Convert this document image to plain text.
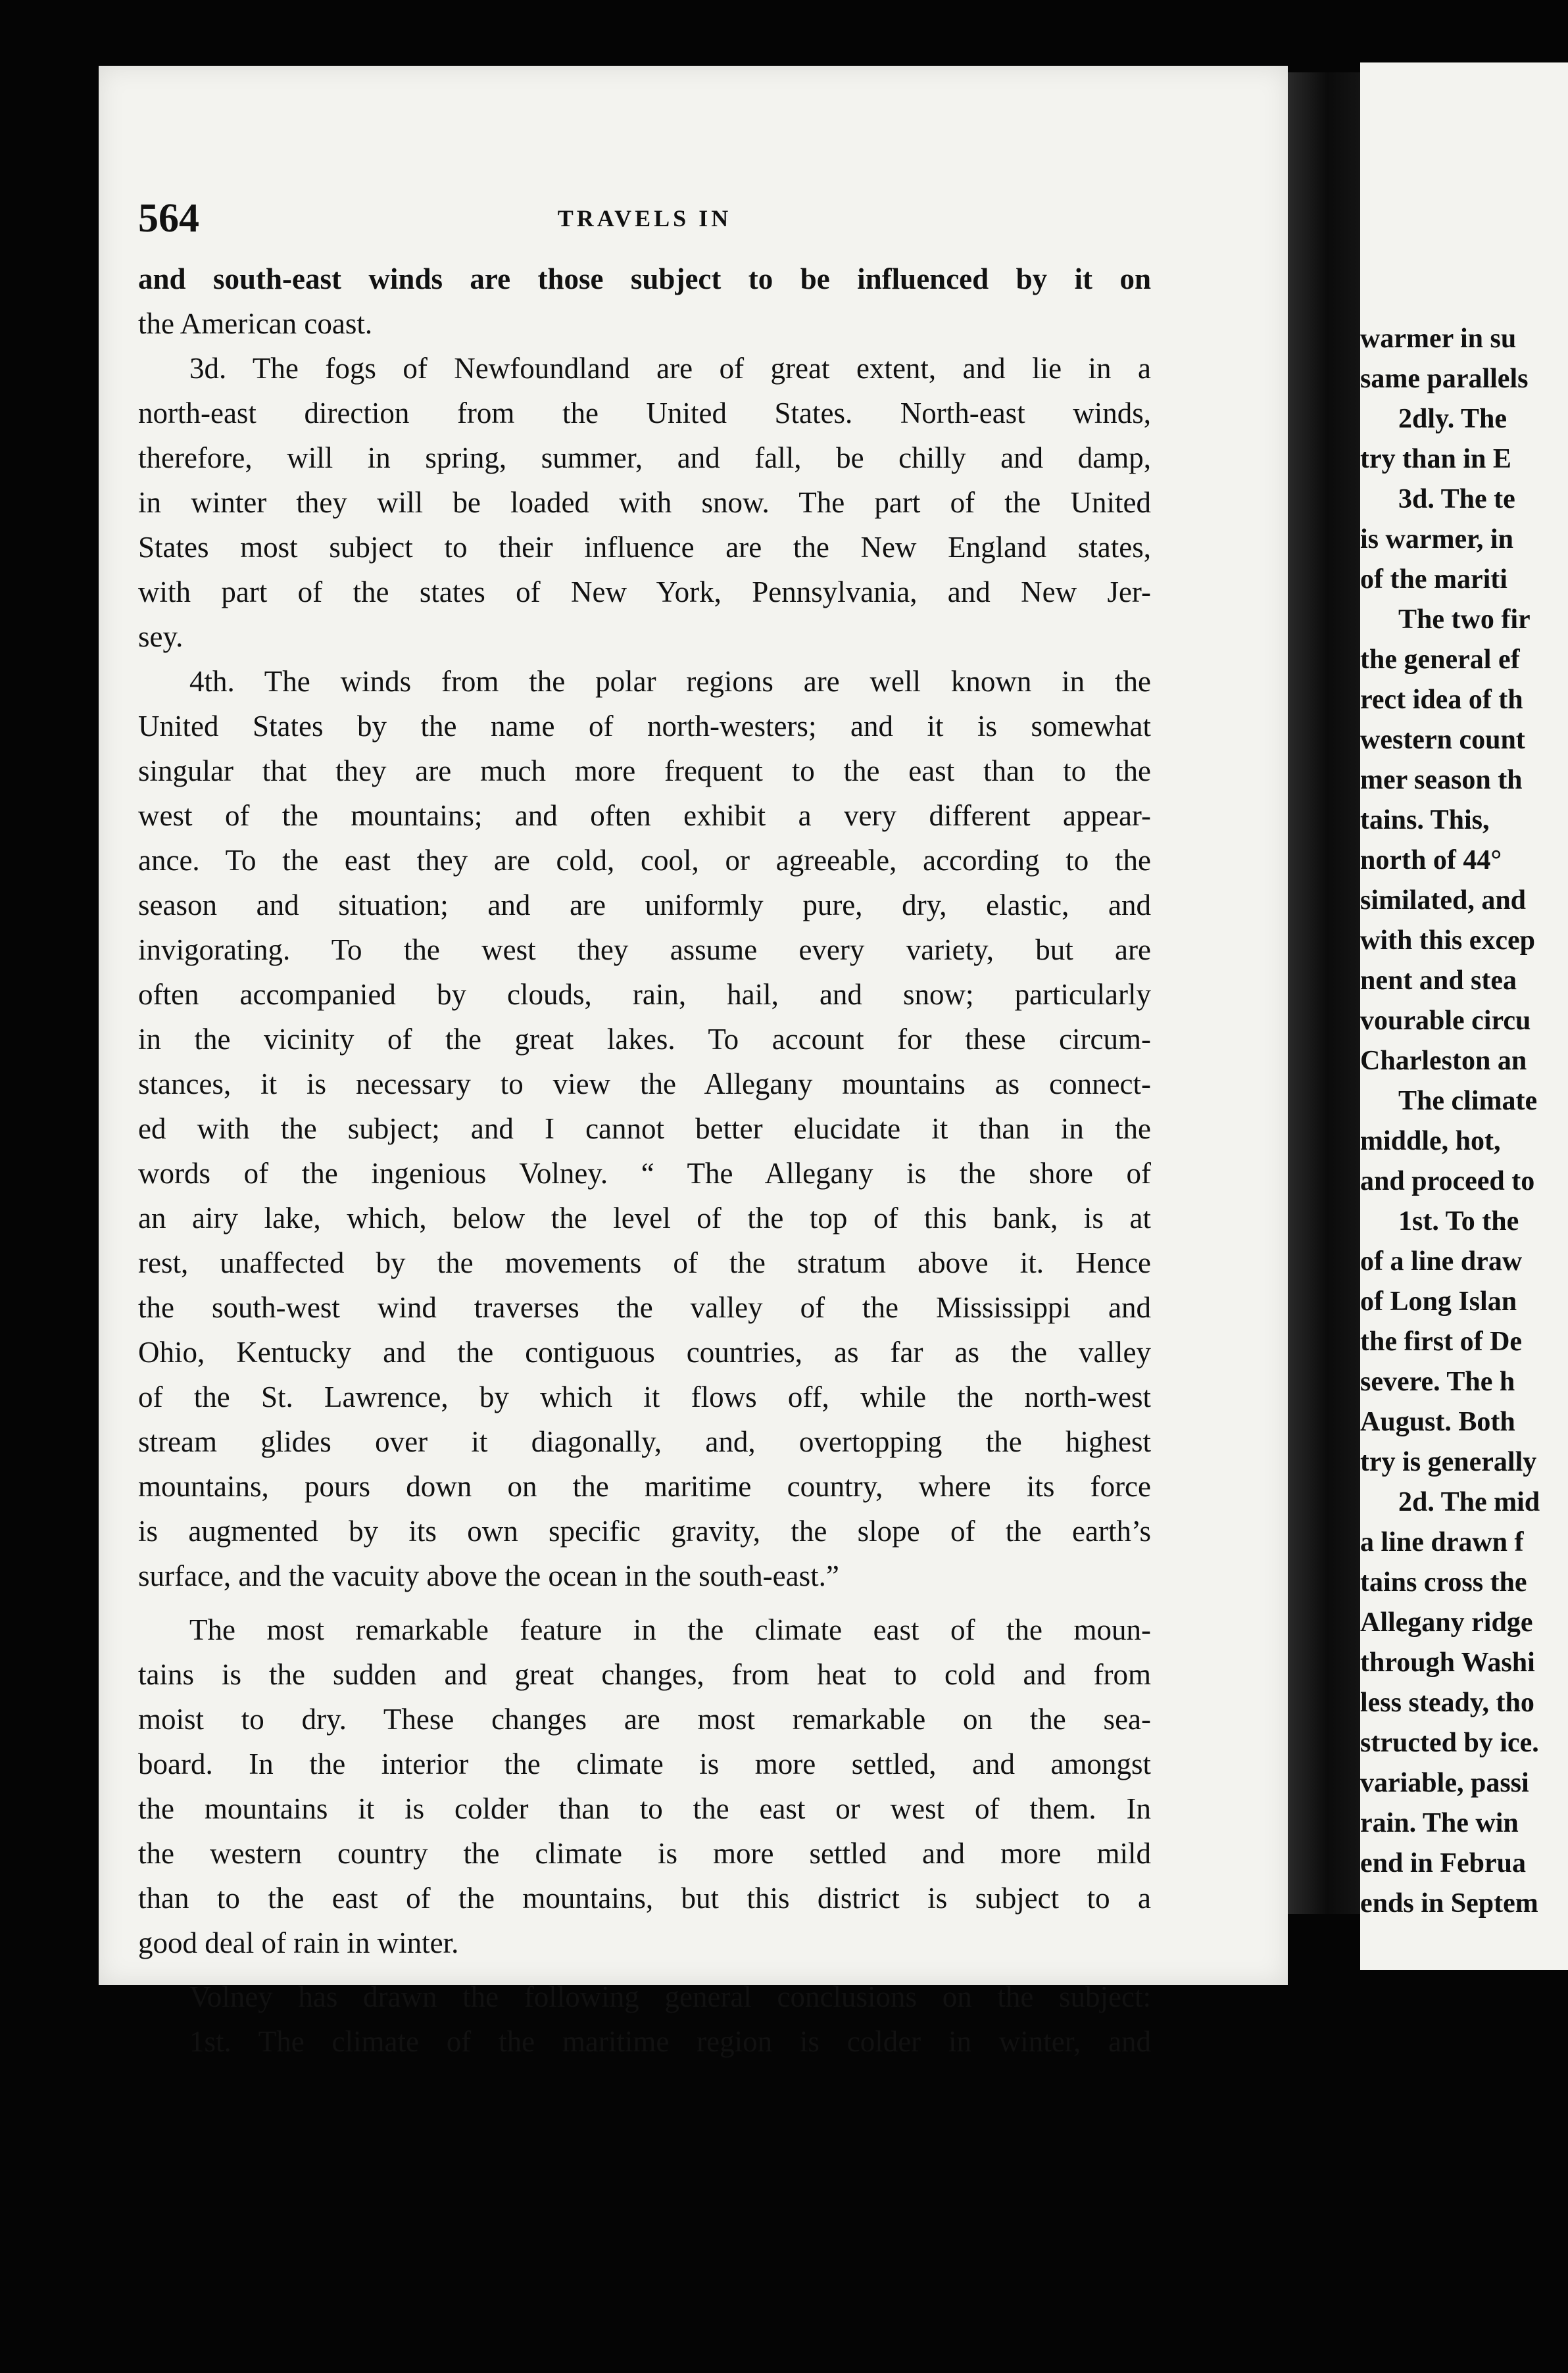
warmer in su
same parallels
2dly. The
try than in E
3d. The te
is warmer, in
of the mariti
The two fir
the general ef
rect idea of th
western count
mer season th
tains. This,
north of 44°
similated, and
with this excep
nent and stea
vourable circu
Charleston an
The climate
middle, hot,
and proceed to
1st. To the
of a line draw
of Long Islan
the first of De
severe. The h
August. Both
try is generally
2d. The mid
a line drawn f
tains cross the
Allegany ridge
through Washi
less steady, tho
structed by ice.
variable, passi
rain. The win
end in Februa
ends in Septem
564	TRAVELS IN
and south-east winds are those subject to be influenced by it on
the American coast.
3d. The fogs of Newfoundland are of great extent, and lie in a
north-east direction from the United States. North-east winds,
therefore, will in spring, summer, and fall, be chilly and damp,
in winter they will be loaded with snow. The part of the United
States most subject to their influence are the New England states,
with part of the states of New York, Pennsylvania, and New Jer-
sey.
4th. The winds from the polar regions are well known in the
United States by the name of north-westers; and it is somewhat
singular that they are much more frequent to the east than to the
west of the mountains; and often exhibit a very different appear-
ance. To the east they are cold, cool, or agreeable, according to the
season and situation; and are uniformly pure, dry, elastic, and
invigorating. To the west they assume every variety, but are
often accompanied by clouds, rain, hail, and snow; particularly
in the vicinity of the great lakes. To account for these circum-
stances, it is necessary to view the Allegany mountains as connect-
ed with the subject; and I cannot better elucidate it than in the
words of the ingenious Volney. “ The Allegany is the shore of
an airy lake, which, below the level of the top of this bank, is at
rest, unaffected by the movements of the stratum above it. Hence
the south-west wind traverses the valley of the Mississippi and
Ohio, Kentucky and the contiguous countries, as far as the valley
of the St. Lawrence, by which it flows off, while the north-west
stream glides over it diagonally, and, overtopping the highest
mountains, pours down on the maritime country, where its force
is augmented by its own specific gravity, the slope of the earth’s
surface, and the vacuity above the ocean in the south-east.”
The most remarkable feature in the climate east of the moun-
tains is the sudden and great changes, from heat to cold and from
moist to dry. These changes are most remarkable on the sea-
board. In the interior the climate is more settled, and amongst
the mountains it is colder than to the east or west of them. In
the western country the climate is more settled and more mild
than to the east of the mountains, but this district is subject to a
good deal of rain in winter.
Volney has drawn the following general conclusions on the subject:
1st. The climate of the maritime region is colder in winter, and
